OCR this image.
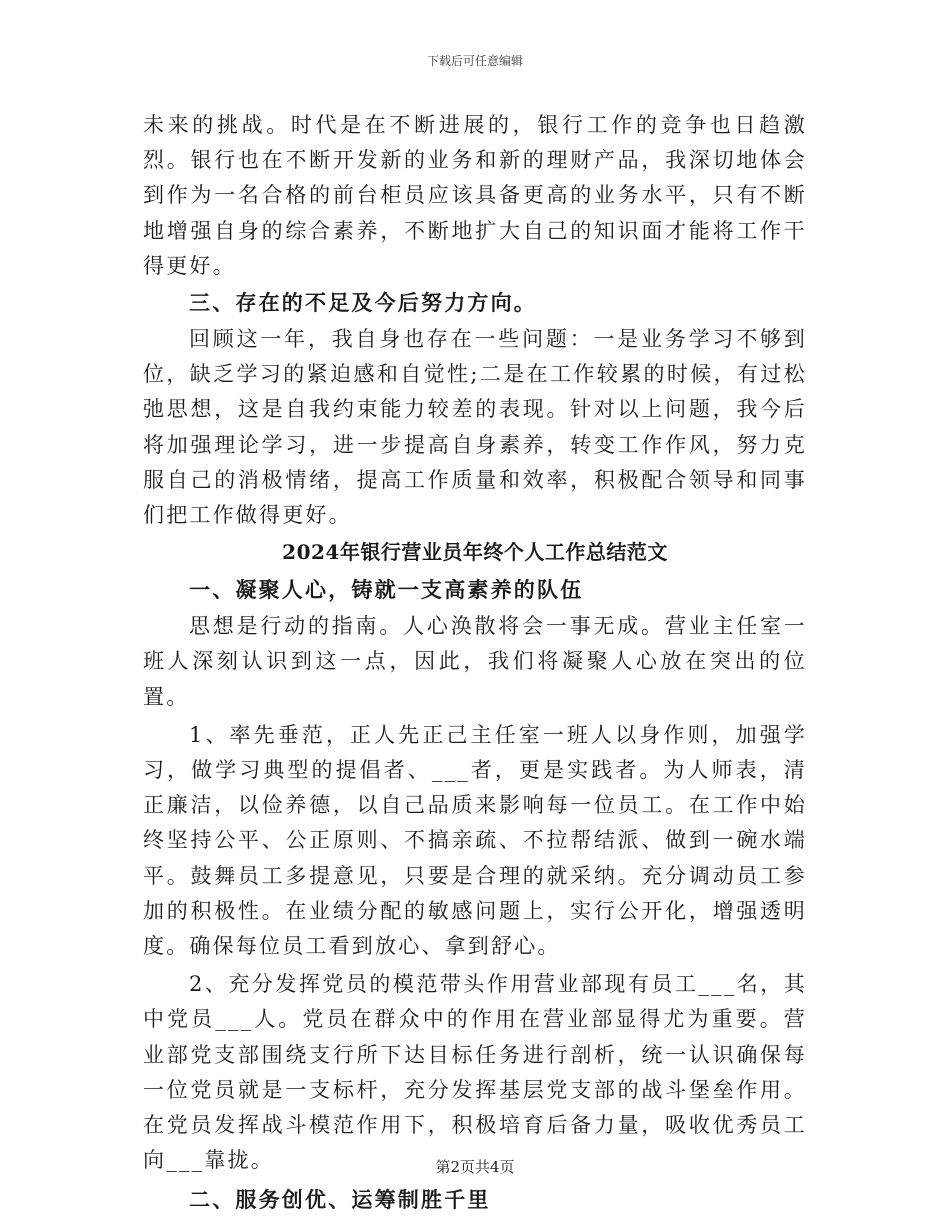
下载后可任意编辑

未来的挑战。时代是在不断进展的，银行工作的竞争也日趋激烈。银行也在不断开发新的业务和新的理财产品，我深切地体会到作为一名合格的前台柜员应该具备更高的业务水平，只有不断地增强自身的综合素养，不断地扩大自己的知识面才能将工作干得更好。

三、存在的不足及今后努力方向。

回顾这一年，我自身也存在一些问题：一是业务学习不够到位，缺乏学习的紧迫感和自觉性;二是在工作较累的时候，有过松弛思想，这是自我约束能力较差的表现。针对以上问题，我今后将加强理论学习，进一步提高自身素养，转变工作作风，努力克服自己的消极情绪，提高工作质量和效率，积极配合领导和同事们把工作做得更好。

2024年银行营业员年终个人工作总结范文

一、凝聚人心，铸就一支高素养的队伍

思想是行动的指南。人心涣散将会一事无成。营业主任室一班人深刻认识到这一点，因此，我们将凝聚人心放在突出的位置。

1、率先垂范，正人先正己主任室一班人以身作则，加强学习，做学习典型的提倡者、___者，更是实践者。为人师表，清正廉洁，以俭养德，以自己品质来影响每一位员工。在工作中始终坚持公平、公正原则、不搞亲疏、不拉帮结派、做到一碗水端平。鼓舞员工多提意见，只要是合理的就采纳。充分调动员工参加的积极性。在业绩分配的敏感问题上，实行公开化，增强透明度。确保每位员工看到放心、拿到舒心。

2、充分发挥党员的模范带头作用营业部现有员工___名，其中党员___人。党员在群众中的作用在营业部显得尤为重要。营业部党支部围绕支行所下达目标任务进行剖析，统一认识确保每一位党员就是一支标杆，充分发挥基层党支部的战斗堡垒作用。在党员发挥战斗模范作用下，积极培育后备力量，吸收优秀员工向___靠拢。

二、服务创优、运筹制胜千里

第2页共4页
